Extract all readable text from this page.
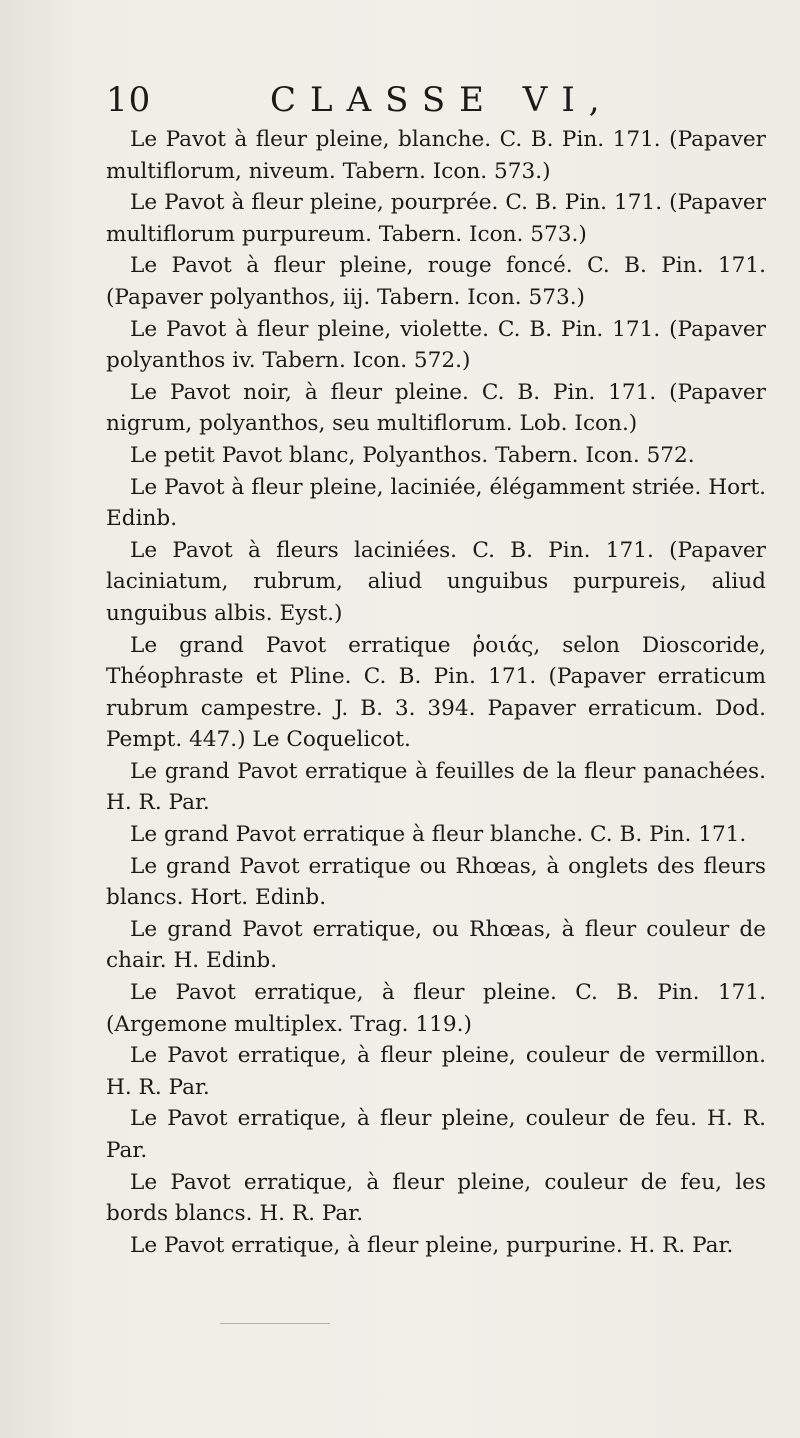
10	CLASSE VI,

Le Pavot à fleur pleine, blanche. C. B. Pin. 171. (Papaver multiflorum, niveum. Tabern. Icon. 573.)

Le Pavot à fleur pleine, pourprée. C. B. Pin. 171. (Papaver multiflorum purpureum. Tabern. Icon. 573.)

Le Pavot à fleur pleine, rouge foncé. C. B. Pin. 171. (Papaver polyanthos, iij. Tabern. Icon. 573.)

Le Pavot à fleur pleine, violette. C. B. Pin. 171. (Papaver polyanthos iv. Tabern. Icon. 572.)

Le Pavot noir, à fleur pleine. C. B. Pin. 171. (Papaver nigrum, polyanthos, seu multiflorum. Lob. Icon.)

Le petit Pavot blanc, Polyanthos. Tabern. Icon. 572.

Le Pavot à fleur pleine, laciniée, élégamment striée. Hort. Edinb.

Le Pavot à fleurs laciniées. C. B. Pin. 171. (Papaver laciniatum, rubrum, aliud unguibus purpureis, aliud unguibus albis. Eyst.)

Le grand Pavot erratique ῥοιάς, selon Dioscoride, Théophraste et Pline. C. B. Pin. 171. (Papaver erraticum rubrum campestre. J. B. 3. 394. Papaver erraticum. Dod. Pempt. 447.) Le Coquelicot.

Le grand Pavot erratique à feuilles de la fleur panachées. H. R. Par.

Le grand Pavot erratique à fleur blanche. C. B. Pin. 171.

Le grand Pavot erratique ou Rhœas, à onglets des fleurs blancs. Hort. Edinb.

Le grand Pavot erratique, ou Rhœas, à fleur couleur de chair. H. Edinb.

Le Pavot erratique, à fleur pleine. C. B. Pin. 171. (Argemone multiplex. Trag. 119.)

Le Pavot erratique, à fleur pleine, couleur de vermillon. H. R. Par.

Le Pavot erratique, à fleur pleine, couleur de feu. H. R. Par.

Le Pavot erratique, à fleur pleine, couleur de feu, les bords blancs. H. R. Par.

Le Pavot erratique, à fleur pleine, purpurine. H. R. Par.
